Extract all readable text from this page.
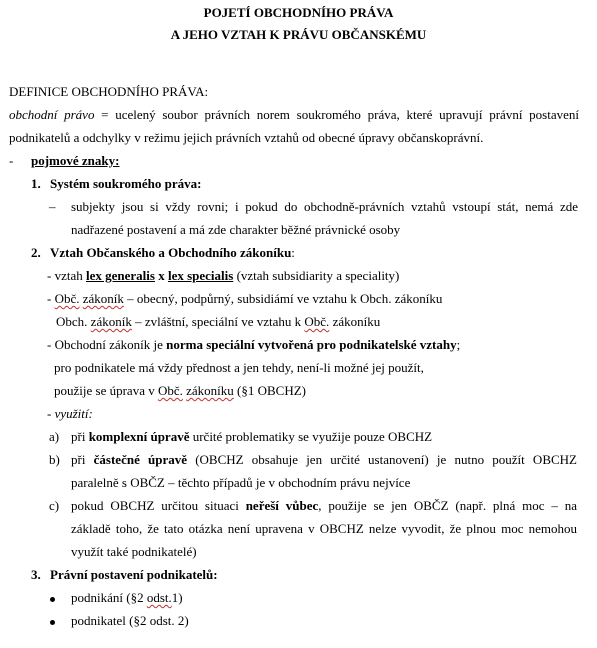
POJETÍ OBCHODNÍHO PRÁVA
A JEHO VZTAH K PRÁVU OBČANSKÉMU
DEFINICE OBCHODNÍHO PRÁVA:
obchodní právo = ucelený soubor právních norem soukromého práva, které upravují právní postavení
podnikatelů a odchylky v režimu jejich právních vztahů od obecné úpravy občanskoprávní.
- pojmové znaky:
1. Systém soukromého práva:
– subjekty jsou si vždy rovni; i pokud do obchodně-právních vztahů vstoupí stát, nemá zde
nadřazené postavení a má zde charakter běžné právnické osoby
2. Vztah Občanského a Obchodního zákoníku:
- vztah lex generalis x lex specialis (vztah subsidiarity a speciality)
- Obč. zákoník – obecný, podpůrný, subsidiámí ve vztahu k Obch. zákoníku
Obch. zákoník – zvláštní, speciální ve vztahu k Obč. zákoníku
- Obchodní zákoník je norma speciální vytvořená pro podnikatelské vztahy;
pro podnikatele má vždy přednost a jen tehdy, není-li možné jej použít,
použije se úprava v Obč. zákoníku (§1 OBCHZ)
- využití:
a) při komplexní úpravě určité problematiky se využije pouze OBCHZ
b) při částečné úpravě (OBCHZ obsahuje jen určité ustanovení) je nutno použít OBCHZ
paralelně s OBČZ – těchto případů je v obchodním právu nejvíce
c) pokud OBCHZ určitou situaci neřeší vůbec, použije se jen OBČZ (např. plná moc – na
základě toho, že tato otázka není upravena v OBCHZ nelze vyvodit, že plnou moc nemohou
využít také podnikatelé)
3. Právní postavení podnikatelů:
podnikání (§2 odst.1)
podnikatel (§2 odst. 2)
